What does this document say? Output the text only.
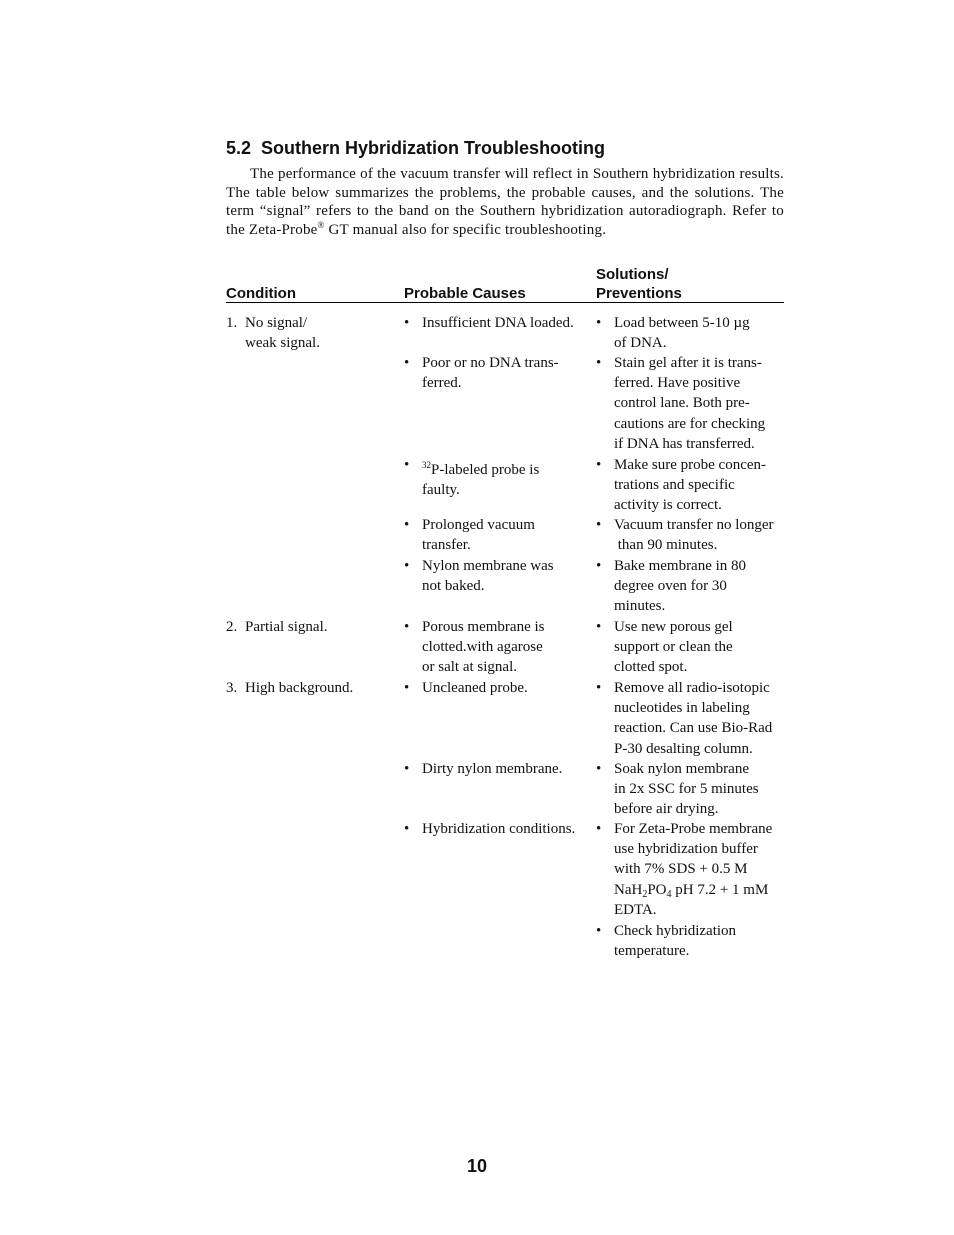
5.2 Southern Hybridization Troubleshooting

The performance of the vacuum transfer will reflect in Southern hybridization results. The table below summarizes the problems, the probable causes, and the solutions. The term “signal” refers to the band on the Southern hybridization autoradiograph. Refer to the Zeta-Probe® GT manual also for specific troubleshooting.

Condition	Probable Causes
Solutions/
Preventions
1. No signal/
weak signal.
2. Partial signal.
3. High background.
• Insufficient DNA loaded.
• Poor or no DNA trans-
ferred.
• $^{32}$P-labeled probe is
faulty.
• Prolonged vacuum
transfer.
• Nylon membrane was
not baked.
• Porous membrane is
clotted.with agarose
or salt at signal.
• Uncleaned probe.
• Dirty nylon membrane.
• Hybridization conditions.
• Load between 5-10 µg
of DNA.
• Stain gel after it is trans-
ferred. Have positive
control lane. Both pre-
cautions are for checking
if DNA has transferred.
• Make sure probe concen-
trations and specific
activity is correct.
• Vacuum transfer no longer
than 90 minutes.
• Bake membrane in 80
degree oven for 30
minutes.
• Use new porous gel
support or clean the
clotted spot.
• Remove all radio-isotopic
nucleotides in labeling
reaction. Can use Bio-Rad
P-30 desalting column.
• Soak nylon membrane
in 2x SSC for 5 minutes
before air drying.
• For Zeta-Probe membrane
use hybridization buffer
with 7% SDS + 0.5 M
$NaH_2PO_4$ pH 7.2 + 1 mM
EDTA.
• Check hybridization
temperature.
10
